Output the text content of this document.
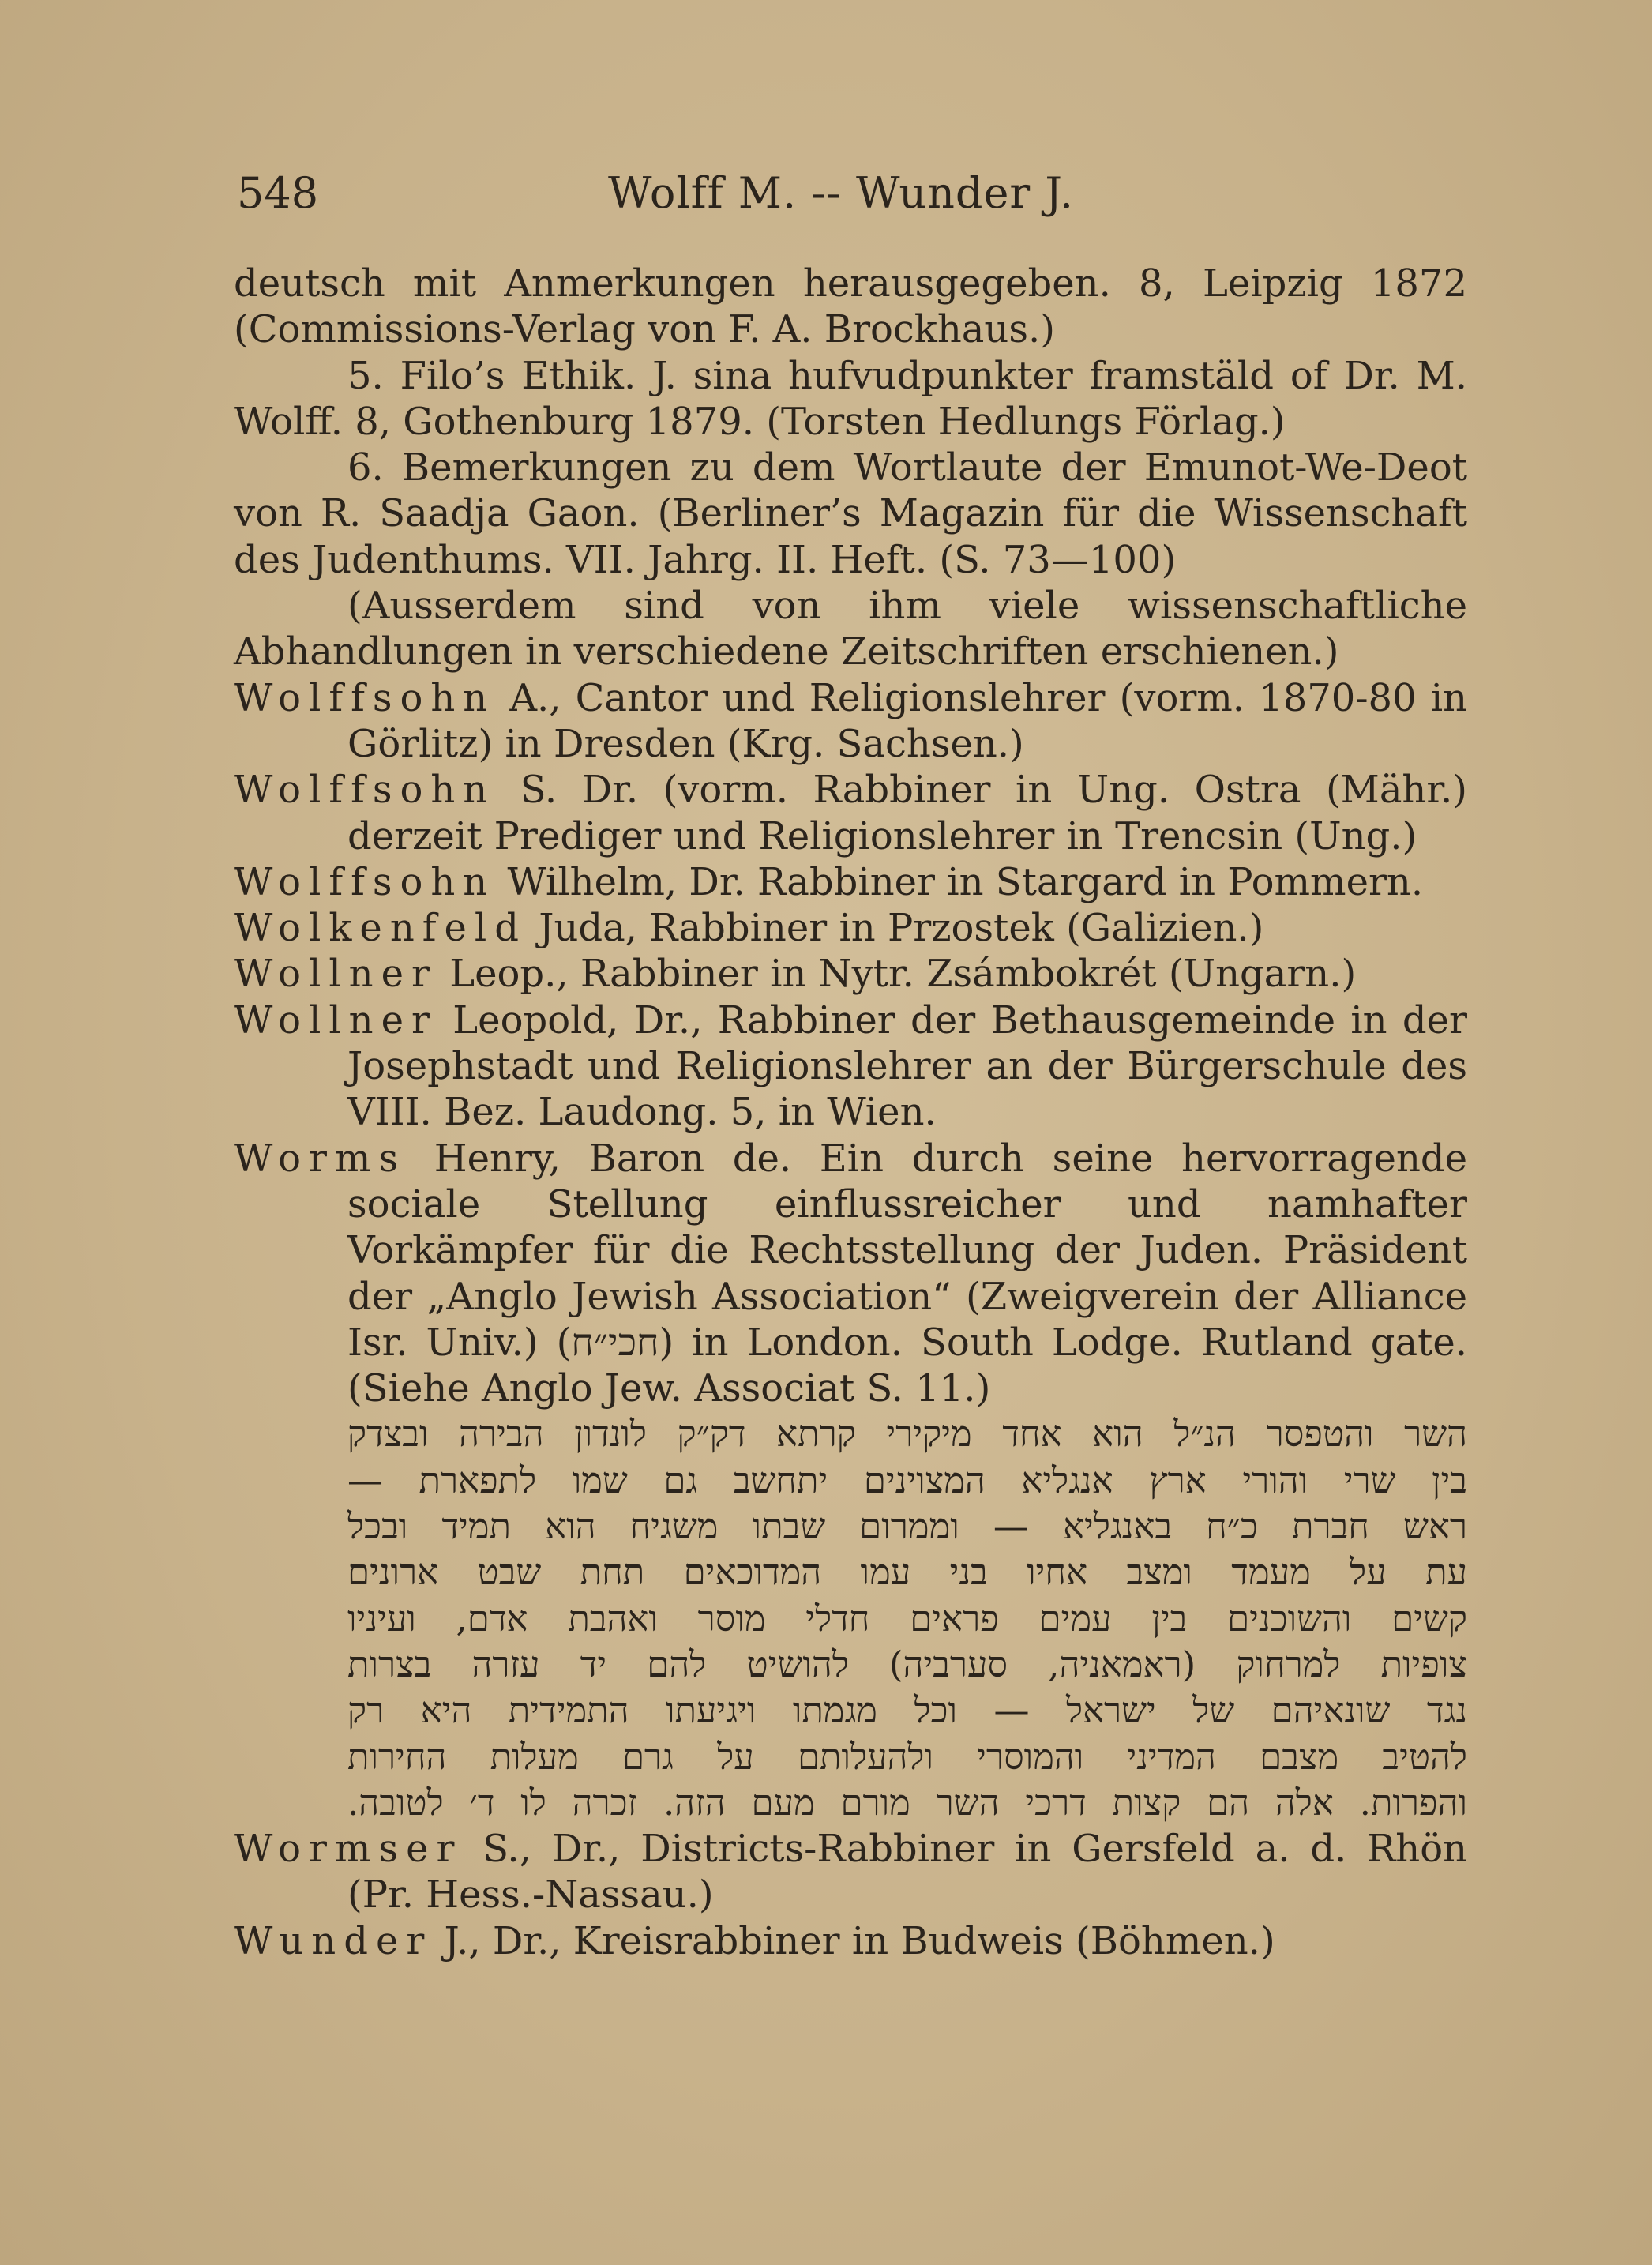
548	Wolff M. -- Wunder J.
deutsch mit Anmerkungen herausgegeben. 8, Leipzig 1872 (Commissions-Verlag von F. A. Brockhaus.)
5. Filo’s Ethik. J. sina hufvudpunkter framstäld of Dr. M. Wolff. 8, Gothenburg 1879. (Torsten Hedlungs Förlag.)
6. Bemerkungen zu dem Wortlaute der Emunot-We-Deot von R. Saadja Gaon. (Berliner’s Magazin für die Wissenschaft des Judenthums. VII. Jahrg. II. Heft. (S. 73—100)
(Ausserdem sind von ihm viele wissenschaftliche Abhandlungen in verschiedene Zeitschriften erschienen.)
Wolffsohn A., Cantor und Religionslehrer (vorm. 1870-80 in Görlitz) in Dresden (Krg. Sachsen.)
Wolffsohn S. Dr. (vorm. Rabbiner in Ung. Ostra (Mähr.) derzeit Prediger und Religionslehrer in Trencsin (Ung.)
Wolffsohn Wilhelm, Dr. Rabbiner in Stargard in Pommern.
Wolkenfeld Juda, Rabbiner in Przostek (Galizien.)
Wollner Leop., Rabbiner in Nytr. Zsámbokrét (Ungarn.)
Wollner Leopold, Dr., Rabbiner der Bethausgemeinde in der Josephstadt und Religionslehrer an der Bürgerschule des VIII. Bez. Laudong. 5, in Wien.
Worms Henry, Baron de. Ein durch seine hervorragende sociale Stellung einflussreicher und namhafter Vorkämpfer für die Rechtsstellung der Juden. Präsident der „Anglo Jewish Association“ (Zweigverein der Alliance Isr. Univ.) (חכי״ח) in London. South Lodge. Rutland gate. (Siehe Anglo Jew. Associat S. 11.)
השר והטפסר הנ״ל הוא אחד מיקירי קרתא דק״ק לונדון הבירה ובצדק
בין שרי והורי ארץ אנגליא המצוינים יתחשב גם שמו לתפארת —
ראש חברת כ״ח באנגליא — וממרום שבתו משגיח הוא תמיד ובכל
עת על מעמד ומצב אחיו בני עמו המדוכאים תחת שבט ארונים
קשים והשוכנים בין עמים פראים חדלי מוסר ואהבת אדם, ועיניו
צופיות למרחוק (ראמאניה, סערביה) להושיט להם יד עזרה בצרות
נגד שונאיהם של ישראל — וכל מגמתו ויגיעתו התמידית היא רק
להטיב מצבם המדיני והמוסרי ולהעלותם על גרם מעלות החירות
והפרות. אלה הם קצות דרכי השר מורם מעם הזה. זכרה לו ד׳ לטובה.
Wormser S., Dr., Districts-Rabbiner in Gersfeld a. d. Rhön (Pr. Hess.-Nassau.)
Wunder J., Dr., Kreisrabbiner in Budweis (Böhmen.)
